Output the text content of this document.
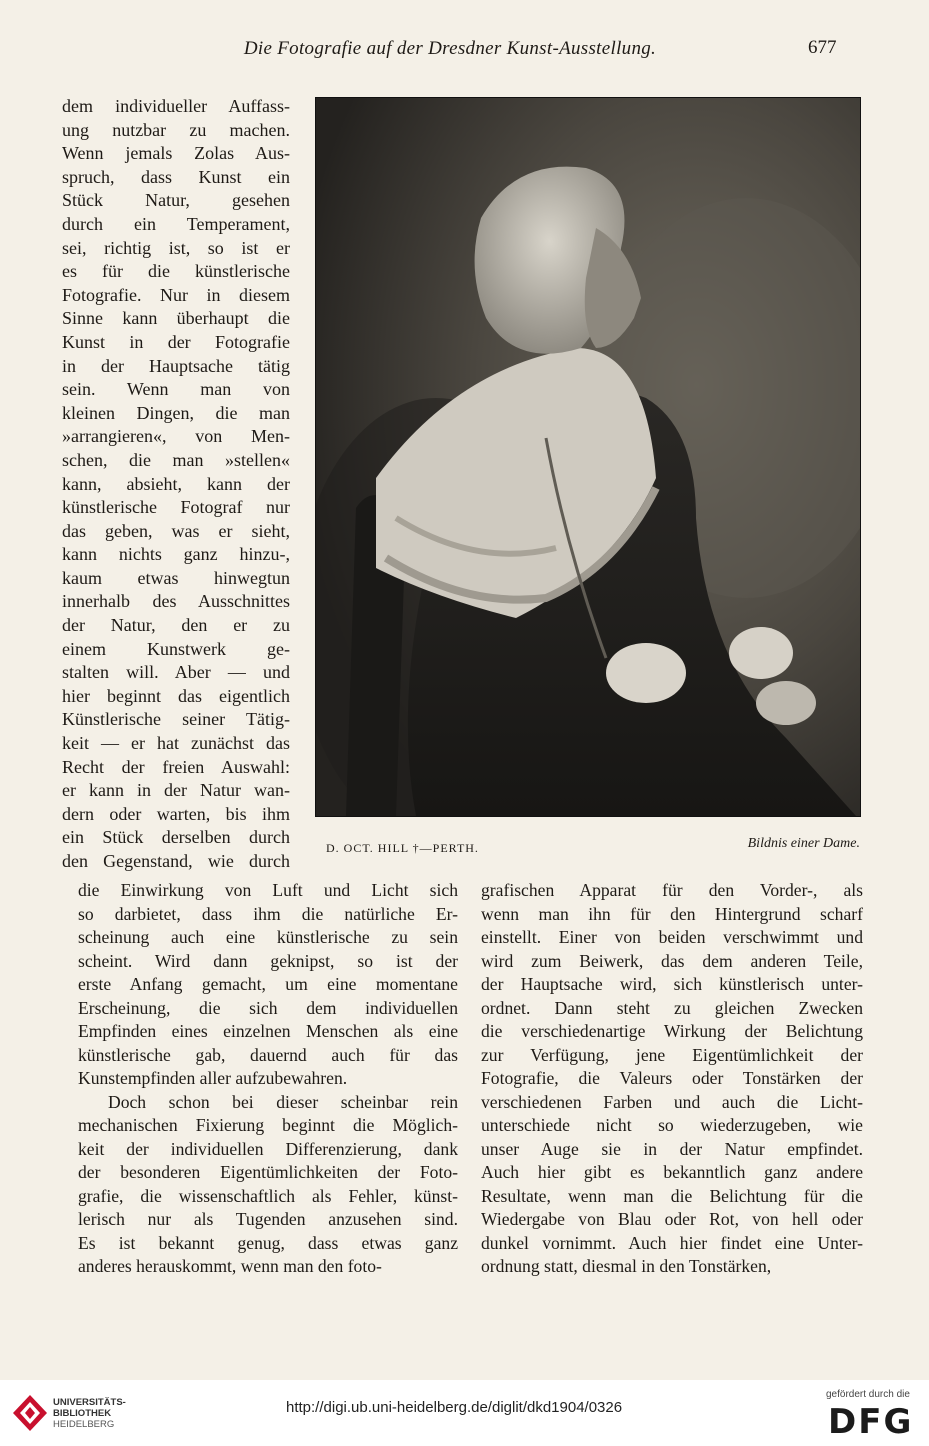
Die Fotografie auf der Dresdner Kunst-Ausstellung.	677
dem individueller Auffass-
ung nutzbar zu machen.
Wenn jemals Zolas Aus-
spruch, dass Kunst ein
Stück Natur, gesehen
durch ein Temperament,
sei, richtig ist, so ist er
es für die künstlerische
Fotografie. Nur in diesem
Sinne kann überhaupt die
Kunst in der Fotografie
in der Hauptsache tätig
sein. Wenn man von
kleinen Dingen, die man
»arrangieren«, von Men-
schen, die man »stellen«
kann, absieht, kann der
künstlerische Fotograf nur
das geben, was er sieht,
kann nichts ganz hinzu-,
kaum etwas hinwegtun
innerhalb des Ausschnittes
der Natur, den er zu
einem Kunstwerk ge-
stalten will. Aber — und
hier beginnt das eigentlich
Künstlerische seiner Tätig-
keit — er hat zunächst das
Recht der freien Auswahl:
er kann in der Natur wan-
dern oder warten, bis ihm
ein Stück derselben durch
den Gegenstand, wie durch
D. OCT. HILL †—PERTH.	Bildnis einer Dame.
die Einwirkung von Luft und Licht sich
so darbietet, dass ihm die natürliche Er-
scheinung auch eine künstlerische zu sein
scheint. Wird dann geknipst, so ist der
erste Anfang gemacht, um eine momentane
Erscheinung, die sich dem individuellen
Empfinden eines einzelnen Menschen als eine
künstlerische gab, dauernd auch für das
Kunstempfinden aller aufzubewahren.
Doch schon bei dieser scheinbar rein
mechanischen Fixierung beginnt die Möglich-
keit der individuellen Differenzierung, dank
der besonderen Eigentümlichkeiten der Foto-
grafie, die wissenschaftlich als Fehler, künst-
lerisch nur als Tugenden anzusehen sind.
Es ist bekannt genug, dass etwas ganz
anderes herauskommt, wenn man den foto-
grafischen Apparat für den Vorder-, als
wenn man ihn für den Hintergrund scharf
einstellt. Einer von beiden verschwimmt und
wird zum Beiwerk, das dem anderen Teile,
der Hauptsache wird, sich künstlerisch unter-
ordnet. Dann steht zu gleichen Zwecken
die verschiedenartige Wirkung der Belichtung
zur Verfügung, jene Eigentümlichkeit der
Fotografie, die Valeurs oder Tonstärken der
verschiedenen Farben und auch die Licht-
unterschiede nicht so wiederzugeben, wie
unser Auge sie in der Natur empfindet.
Auch hier gibt es bekanntlich ganz andere
Resultate, wenn man die Belichtung für die
Wiedergabe von Blau oder Rot, von hell oder
dunkel vornimmt. Auch hier findet eine Unter-
ordnung statt, diesmal in den Tonstärken,
UNIVERSITÄTS-
BIBLIOTHEK
HEIDELBERG
http://digi.ub.uni-heidelberg.de/diglit/dkd1904/0326
gefördert durch die
DFG
